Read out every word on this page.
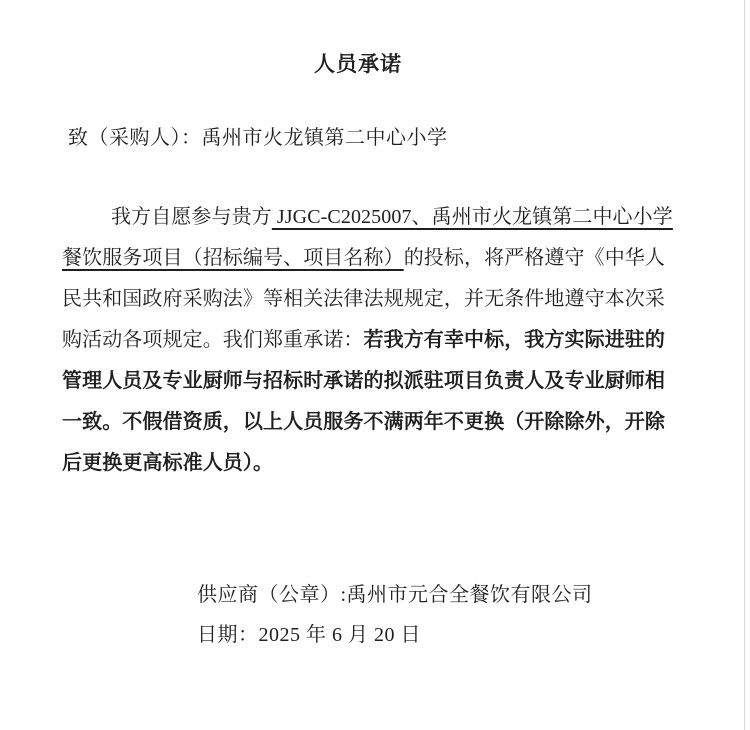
人员承诺
致（采购人）：禹州市火龙镇第二中心小学
我方自愿参与贵方 JJGC-C2025007、禹州市火龙镇第二中心小学
餐饮服务项目（招标编号、项目名称）的投标，将严格遵守《中华人
民共和国政府采购法》等相关法律法规规定，并无条件地遵守本次采
购活动各项规定。我们郑重承诺：若我方有幸中标，我方实际进驻的
管理人员及专业厨师与招标时承诺的拟派驻项目负责人及专业厨师相
一致。不假借资质，以上人员服务不满两年不更换（开除除外，开除
后更换更高标准人员）。
供应商（公章）:禹州市元合全餐饮有限公司
日期：2025 年 6 月 20 日
